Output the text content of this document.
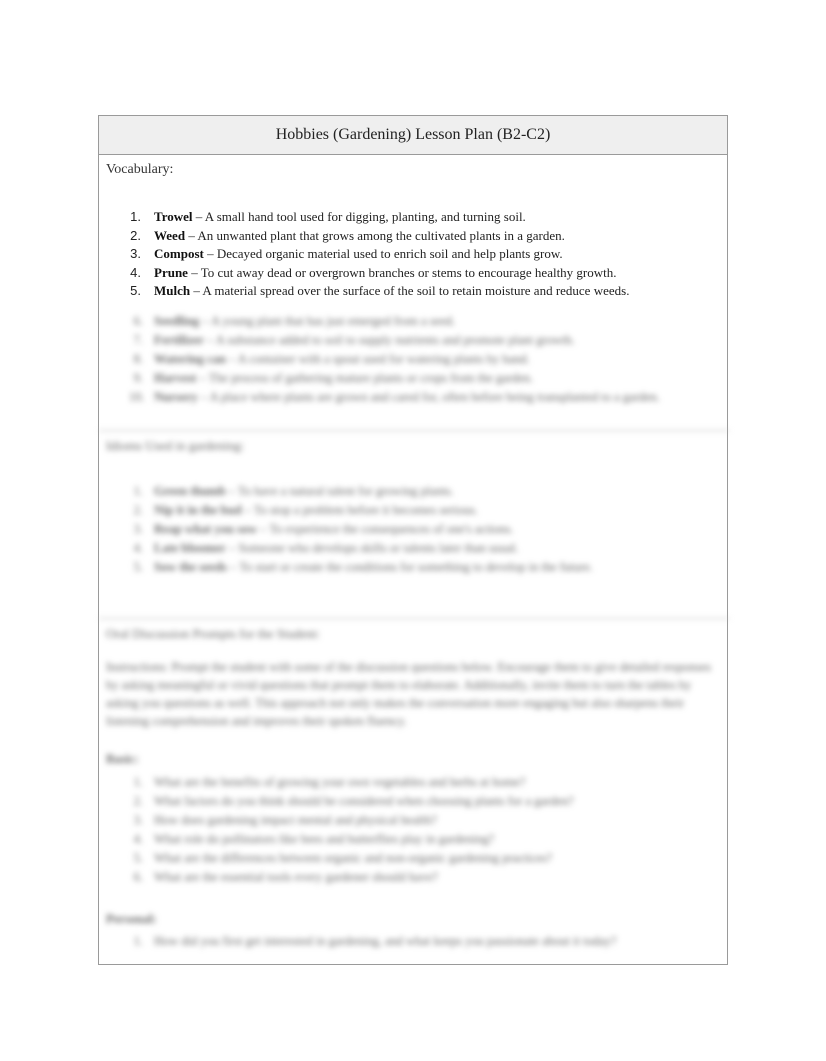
Hobbies (Gardening) Lesson Plan (B2-C2)
Vocabulary:
1. Trowel – A small hand tool used for digging, planting, and turning soil.
2. Weed – An unwanted plant that grows among the cultivated plants in a garden.
3. Compost – Decayed organic material used to enrich soil and help plants grow.
4. Prune – To cut away dead or overgrown branches or stems to encourage healthy growth.
5. Mulch – A material spread over the surface of the soil to retain moisture and reduce weeds.
6. Seedling – A young plant that has just emerged from a seed.
7. Fertilizer – A substance added to soil to supply nutrients and promote plant growth.
8. Watering can – A container with a spout used for watering plants by hand.
9. Harvest – The process of gathering mature plants or crops from the garden.
10. Nursery – A place where plants are grown and cared for, often before being transplanted to a garden.
Idioms Used in gardening:
1. Green thumb – To have a natural talent for growing plants.
2. Nip it in the bud – To stop a problem before it becomes serious.
3. Reap what you sow – To experience the consequences of one's actions.
4. Late bloomer – Someone who develops skills or talents later than usual.
5. Sow the seeds – To start or create the conditions for something to develop in the future.
Oral Discussion Prompts for the Student:
Instructions: Prompt the student with some of the discussion questions below. Encourage them to give detailed responses by asking meaningful or vivid questions that prompt them to elaborate. Additionally, invite them to turn the tables by asking you questions as well. This approach not only makes the conversation more engaging but also sharpens their listening comprehension and improves their spoken fluency.
Basic:
1. What are the benefits of growing your own vegetables and herbs at home?
2. What factors do you think should be considered when choosing plants for a garden?
3. How does gardening impact mental and physical health?
4. What role do pollinators like bees and butterflies play in gardening?
5. What are the differences between organic and non-organic gardening practices?
6. What are the essential tools every gardener should have?
Personal:
1. How did you first get interested in gardening, and what keeps you passionate about it today?
